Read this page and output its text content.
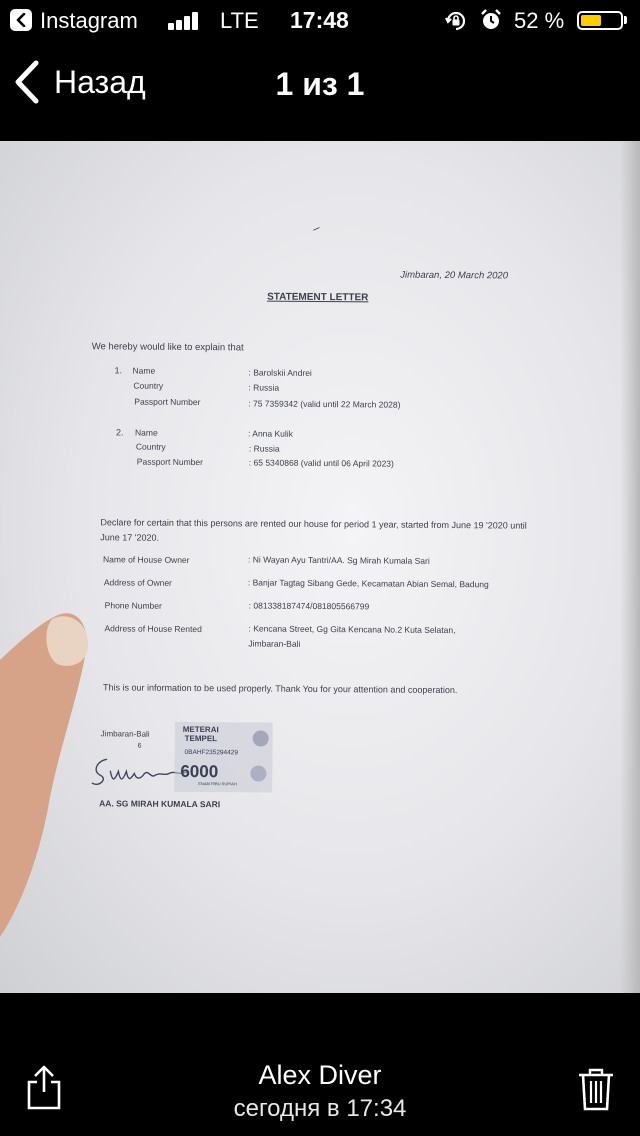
Instagram	LTE 17:48	52 %
Назад	1 из 1
‒
Jimbaran, 20 March 2020
STATEMENT LETTER
We hereby would like to explain that
1. Name	: Barolskii Andrei
Country	: Russia
Passport Number	: 75 7359342 (valid until 22 March 2028)
2. Name	: Anna Kulik
Country	: Russia
Passport Number	: 65 5340868 (valid until 06 April 2023)
Declare for certain that this persons are rented our house for period 1 year, started from June 19 '2020 until June 17 '2020.
Name of House Owner	: Ni Wayan Ayu Tantri/AA. Sg Mirah Kumala Sari
Address of Owner	: Banjar Tagtag Sibang Gede, Kecamatan Abian Semal, Badung
Phone Number	: 081338187474/081805566799
Address of House Rented	: Kencana Street, Gg Gita Kencana No.2 Kuta Selatan,
Jimbaran-Bali
This is our information to be used properly. Thank You for your attention and cooperation.
Jimbaran-Bali
6
METERAI
TEMPEL
0BAHF235294429
6000
ENAM RIBU RUPIAH
AA. SG MIRAH KUMALA SARI
Alex Diver
сегодня в 17:34
